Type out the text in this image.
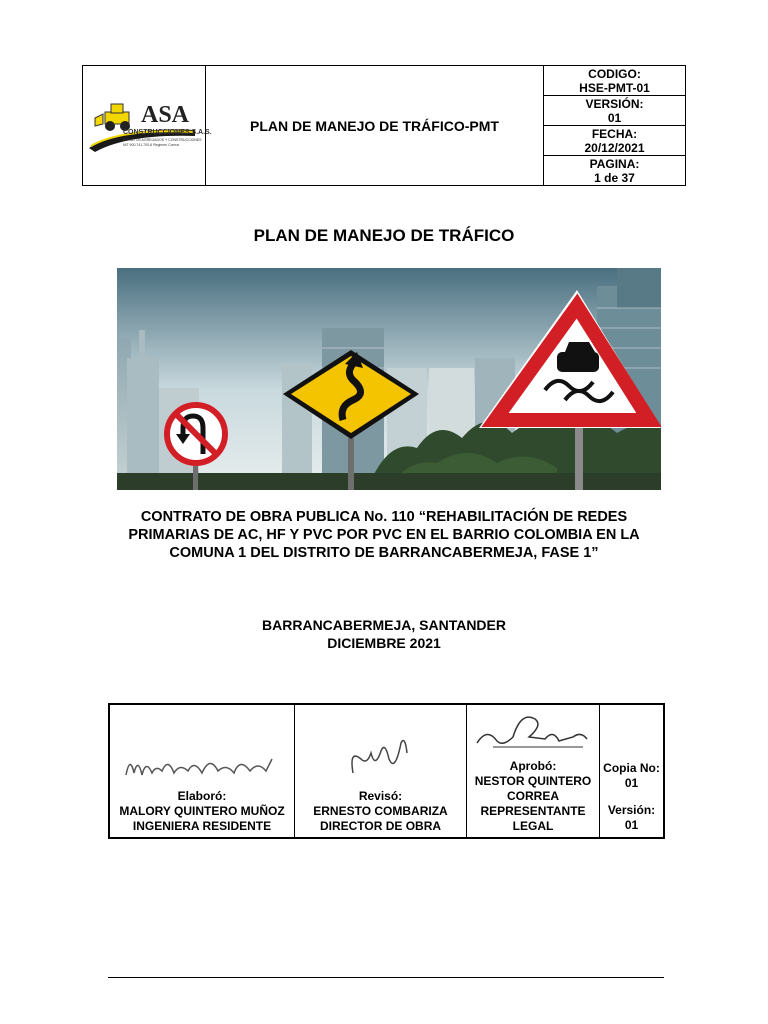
ASA
CONSTRUCCIONES S.A.S.
ASFALTOS AGREGADOS Y CONSTRUCCIONES
NIT 900.741.700-6 Regimen Comun
PLAN DE MANEJO DE TRÁFICO-PMT
CODIGO:
HSE-PMT-01
VERSIÓN:
01
FECHA:
20/12/2021
PAGINA:
1 de 37
PLAN DE MANEJO DE TRÁFICO
CONTRATO DE OBRA PUBLICA No. 110 “REHABILITACIÓN DE REDES PRIMARIAS DE AC, HF Y PVC POR PVC EN EL BARRIO COLOMBIA EN LA COMUNA 1 DEL DISTRITO DE BARRANCABERMEJA, FASE 1”
BARRANCABERMEJA, SANTANDER
DICIEMBRE 2021
Elaboró:
MALORY QUINTERO MUÑOZ
INGENIERA RESIDENTE
Revisó:
ERNESTO COMBARIZA
DIRECTOR DE OBRA
Aprobó:
NESTOR QUINTERO CORREA
REPRESENTANTE LEGAL
Copia No:
01
Versión: 01
